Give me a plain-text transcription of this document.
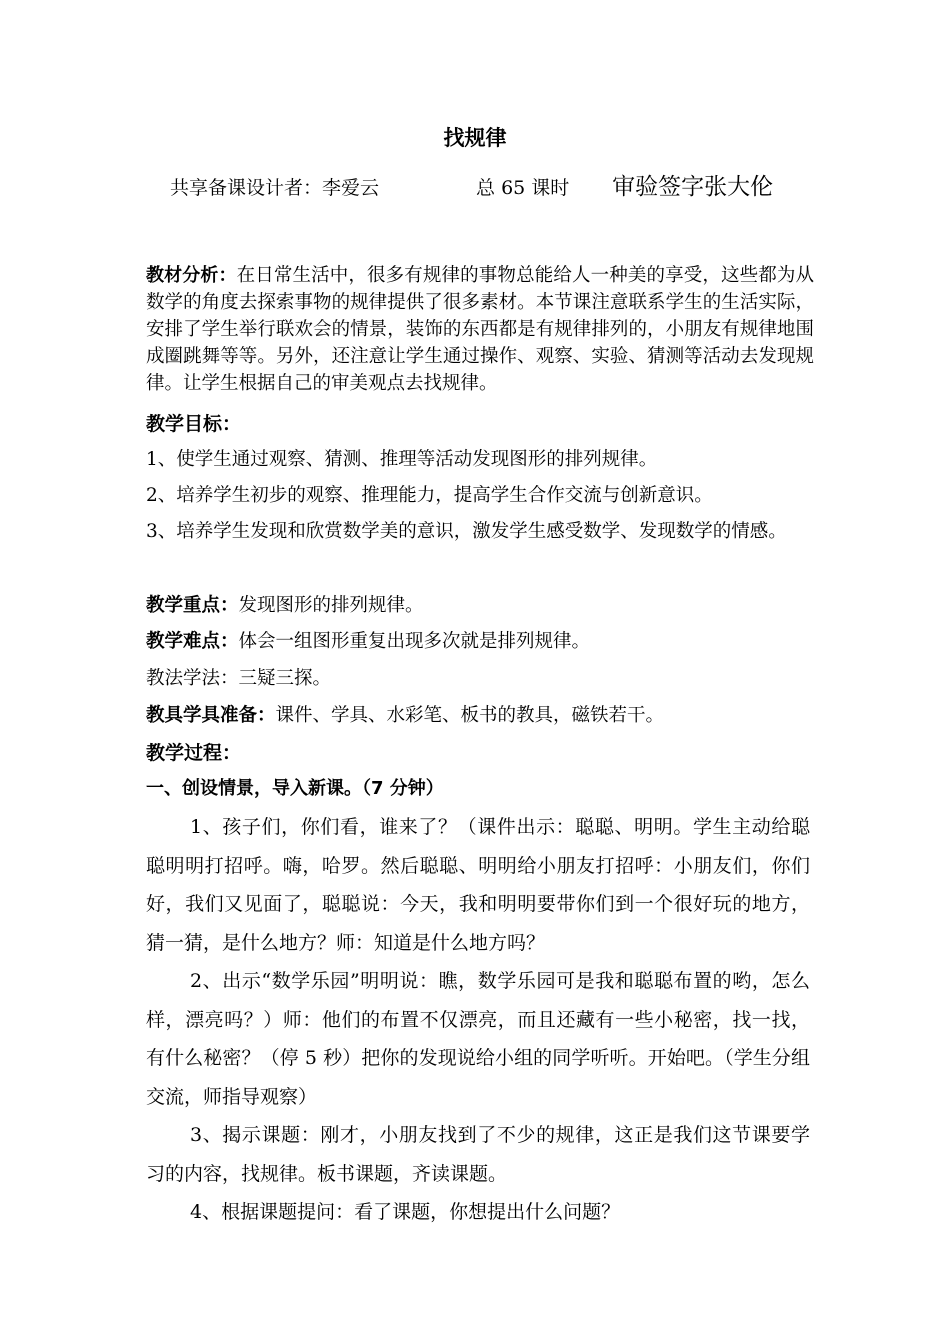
找规律
共享备课设计者：李爱云	总 65 课时 审验签字张大伦
教材分析：在日常生活中，很多有规律的事物总能给人一种美的享受，这些都为从数学的角度去探索事物的规律提供了很多素材。本节课注意联系学生的生活实际，安排了学生举行联欢会的情景，装饰的东西都是有规律排列的，小朋友有规律地围成圈跳舞等等。另外，还注意让学生通过操作、观察、实验、猜测等活动去发现规律。让学生根据自己的审美观点去找规律。
教学目标：
1、使学生通过观察、猜测、推理等活动发现图形的排列规律。
2、培养学生初步的观察、推理能力，提高学生合作交流与创新意识。
3、培养学生发现和欣赏数学美的意识，激发学生感受数学、发现数学的情感。
教学重点：发现图形的排列规律。
教学难点：体会一组图形重复出现多次就是排列规律。
教法学法：三疑三探。
教具学具准备：课件、学具、水彩笔、板书的教具，磁铁若干。
教学过程：
一、创设情景，导入新课。（7 分钟）
1、孩子们，你们看，谁来了？（课件出示：聪聪、明明。学生主动给聪聪明明打招呼。嗨，哈罗。然后聪聪、明明给小朋友打招呼：小朋友们，你们好，我们又见面了，聪聪说：今天，我和明明要带你们到一个很好玩的地方，猜一猜，是什么地方？师：知道是什么地方吗？
2、出示“数学乐园”明明说：瞧，数学乐园可是我和聪聪布置的哟，怎么样，漂亮吗？）师：他们的布置不仅漂亮，而且还藏有一些小秘密，找一找，有什么秘密？（停 5 秒）把你的发现说给小组的同学听听。开始吧。（学生分组交流，师指导观察）
3、揭示课题：刚才，小朋友找到了不少的规律，这正是我们这节课要学习的内容，找规律。板书课题，齐读课题。
4、根据课题提问：看了课题，你想提出什么问题？
